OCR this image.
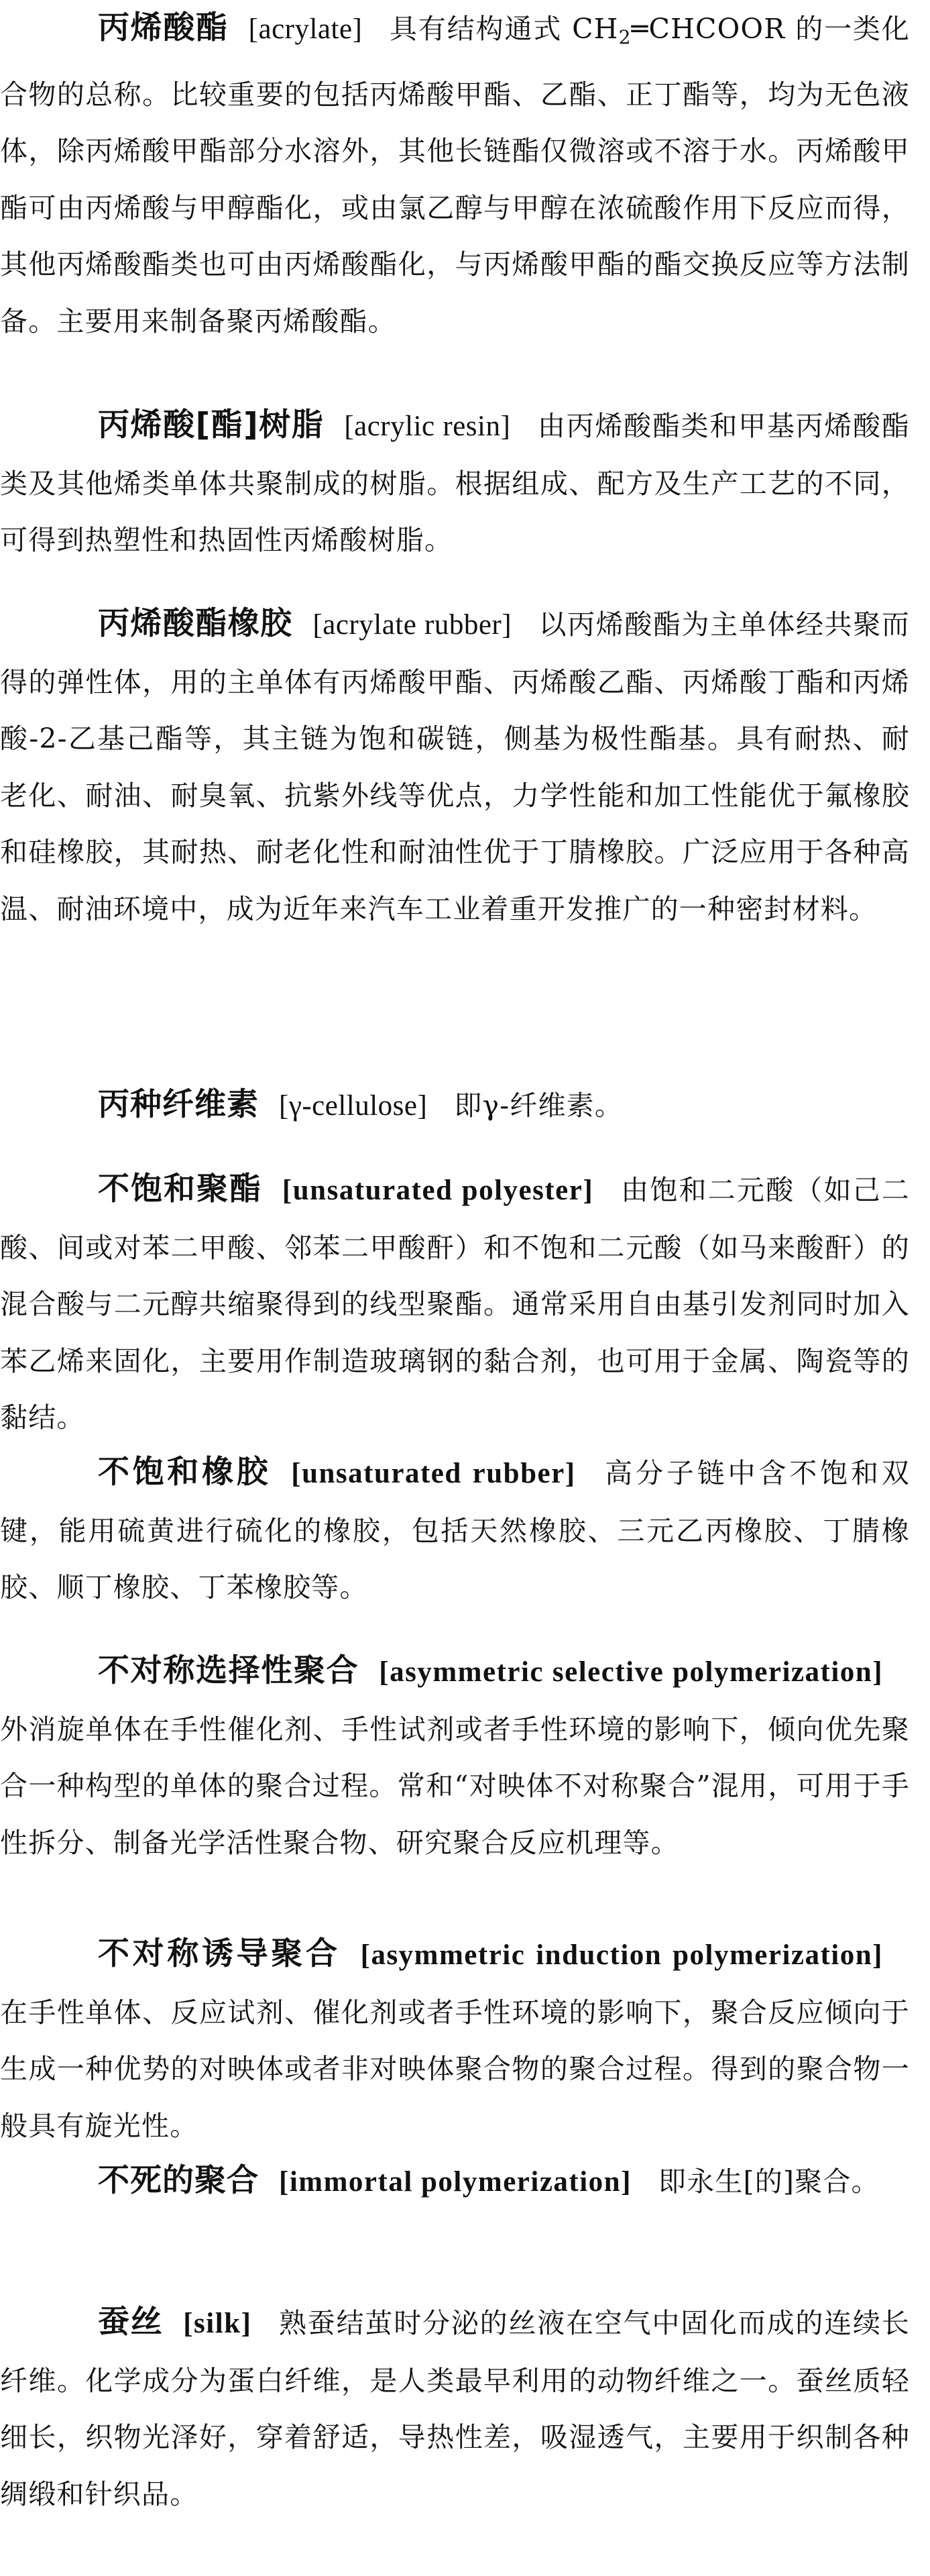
丙烯酸酯 [acrylate] 具有结构通式 $CH_2═CHCOOR$ 的一类化合物的总称。比较重要的包括丙烯酸甲酯、乙酯、正丁酯等，均为无色液体，除丙烯酸甲酯部分水溶外，其他长链酯仅微溶或不溶于水。丙烯酸甲酯可由丙烯酸与甲醇酯化，或由氯乙醇与甲醇在浓硫酸作用下反应而得，其他丙烯酸酯类也可由丙烯酸酯化，与丙烯酸甲酯的酯交换反应等方法制备。主要用来制备聚丙烯酸酯。

丙烯酸[酯]树脂 [acrylic resin] 由丙烯酸酯类和甲基丙烯酸酯类及其他烯类单体共聚制成的树脂。根据组成、配方及生产工艺的不同，可得到热塑性和热固性丙烯酸树脂。

丙烯酸酯橡胶 [acrylate rubber] 以丙烯酸酯为主单体经共聚而得的弹性体，用的主单体有丙烯酸甲酯、丙烯酸乙酯、丙烯酸丁酯和丙烯酸-2-乙基己酯等，其主链为饱和碳链，侧基为极性酯基。具有耐热、耐老化、耐油、耐臭氧、抗紫外线等优点，力学性能和加工性能优于氟橡胶和硅橡胶，其耐热、耐老化性和耐油性优于丁腈橡胶。广泛应用于各种高温、耐油环境中，成为近年来汽车工业着重开发推广的一种密封材料。

丙种纤维素 [γ-cellulose] 即γ-纤维素。

不饱和聚酯 [unsaturated polyester] 由饱和二元酸（如己二酸、间或对苯二甲酸、邻苯二甲酸酐）和不饱和二元酸（如马来酸酐）的混合酸与二元醇共缩聚得到的线型聚酯。通常采用自由基引发剂同时加入苯乙烯来固化，主要用作制造玻璃钢的黏合剂，也可用于金属、陶瓷等的黏结。

不饱和橡胶 [unsaturated rubber] 高分子链中含不饱和双键，能用硫黄进行硫化的橡胶，包括天然橡胶、三元乙丙橡胶、丁腈橡胶、顺丁橡胶、丁苯橡胶等。

不对称选择性聚合 [asymmetric selective polymerization]外消旋单体在手性催化剂、手性试剂或者手性环境的影响下，倾向优先聚合一种构型的单体的聚合过程。常和“对映体不对称聚合”混用，可用于手性拆分、制备光学活性聚合物、研究聚合反应机理等。

不对称诱导聚合 [asymmetric induction polymerization]在手性单体、反应试剂、催化剂或者手性环境的影响下，聚合反应倾向于生成一种优势的对映体或者非对映体聚合物的聚合过程。得到的聚合物一般具有旋光性。

不死的聚合 [immortal polymerization] 即永生[的]聚合。

蚕丝 [silk] 熟蚕结茧时分泌的丝液在空气中固化而成的连续长纤维。化学成分为蛋白纤维，是人类最早利用的动物纤维之一。蚕丝质轻细长，织物光泽好，穿着舒适，导热性差，吸湿透气，主要用于织制各种绸缎和针织品。
